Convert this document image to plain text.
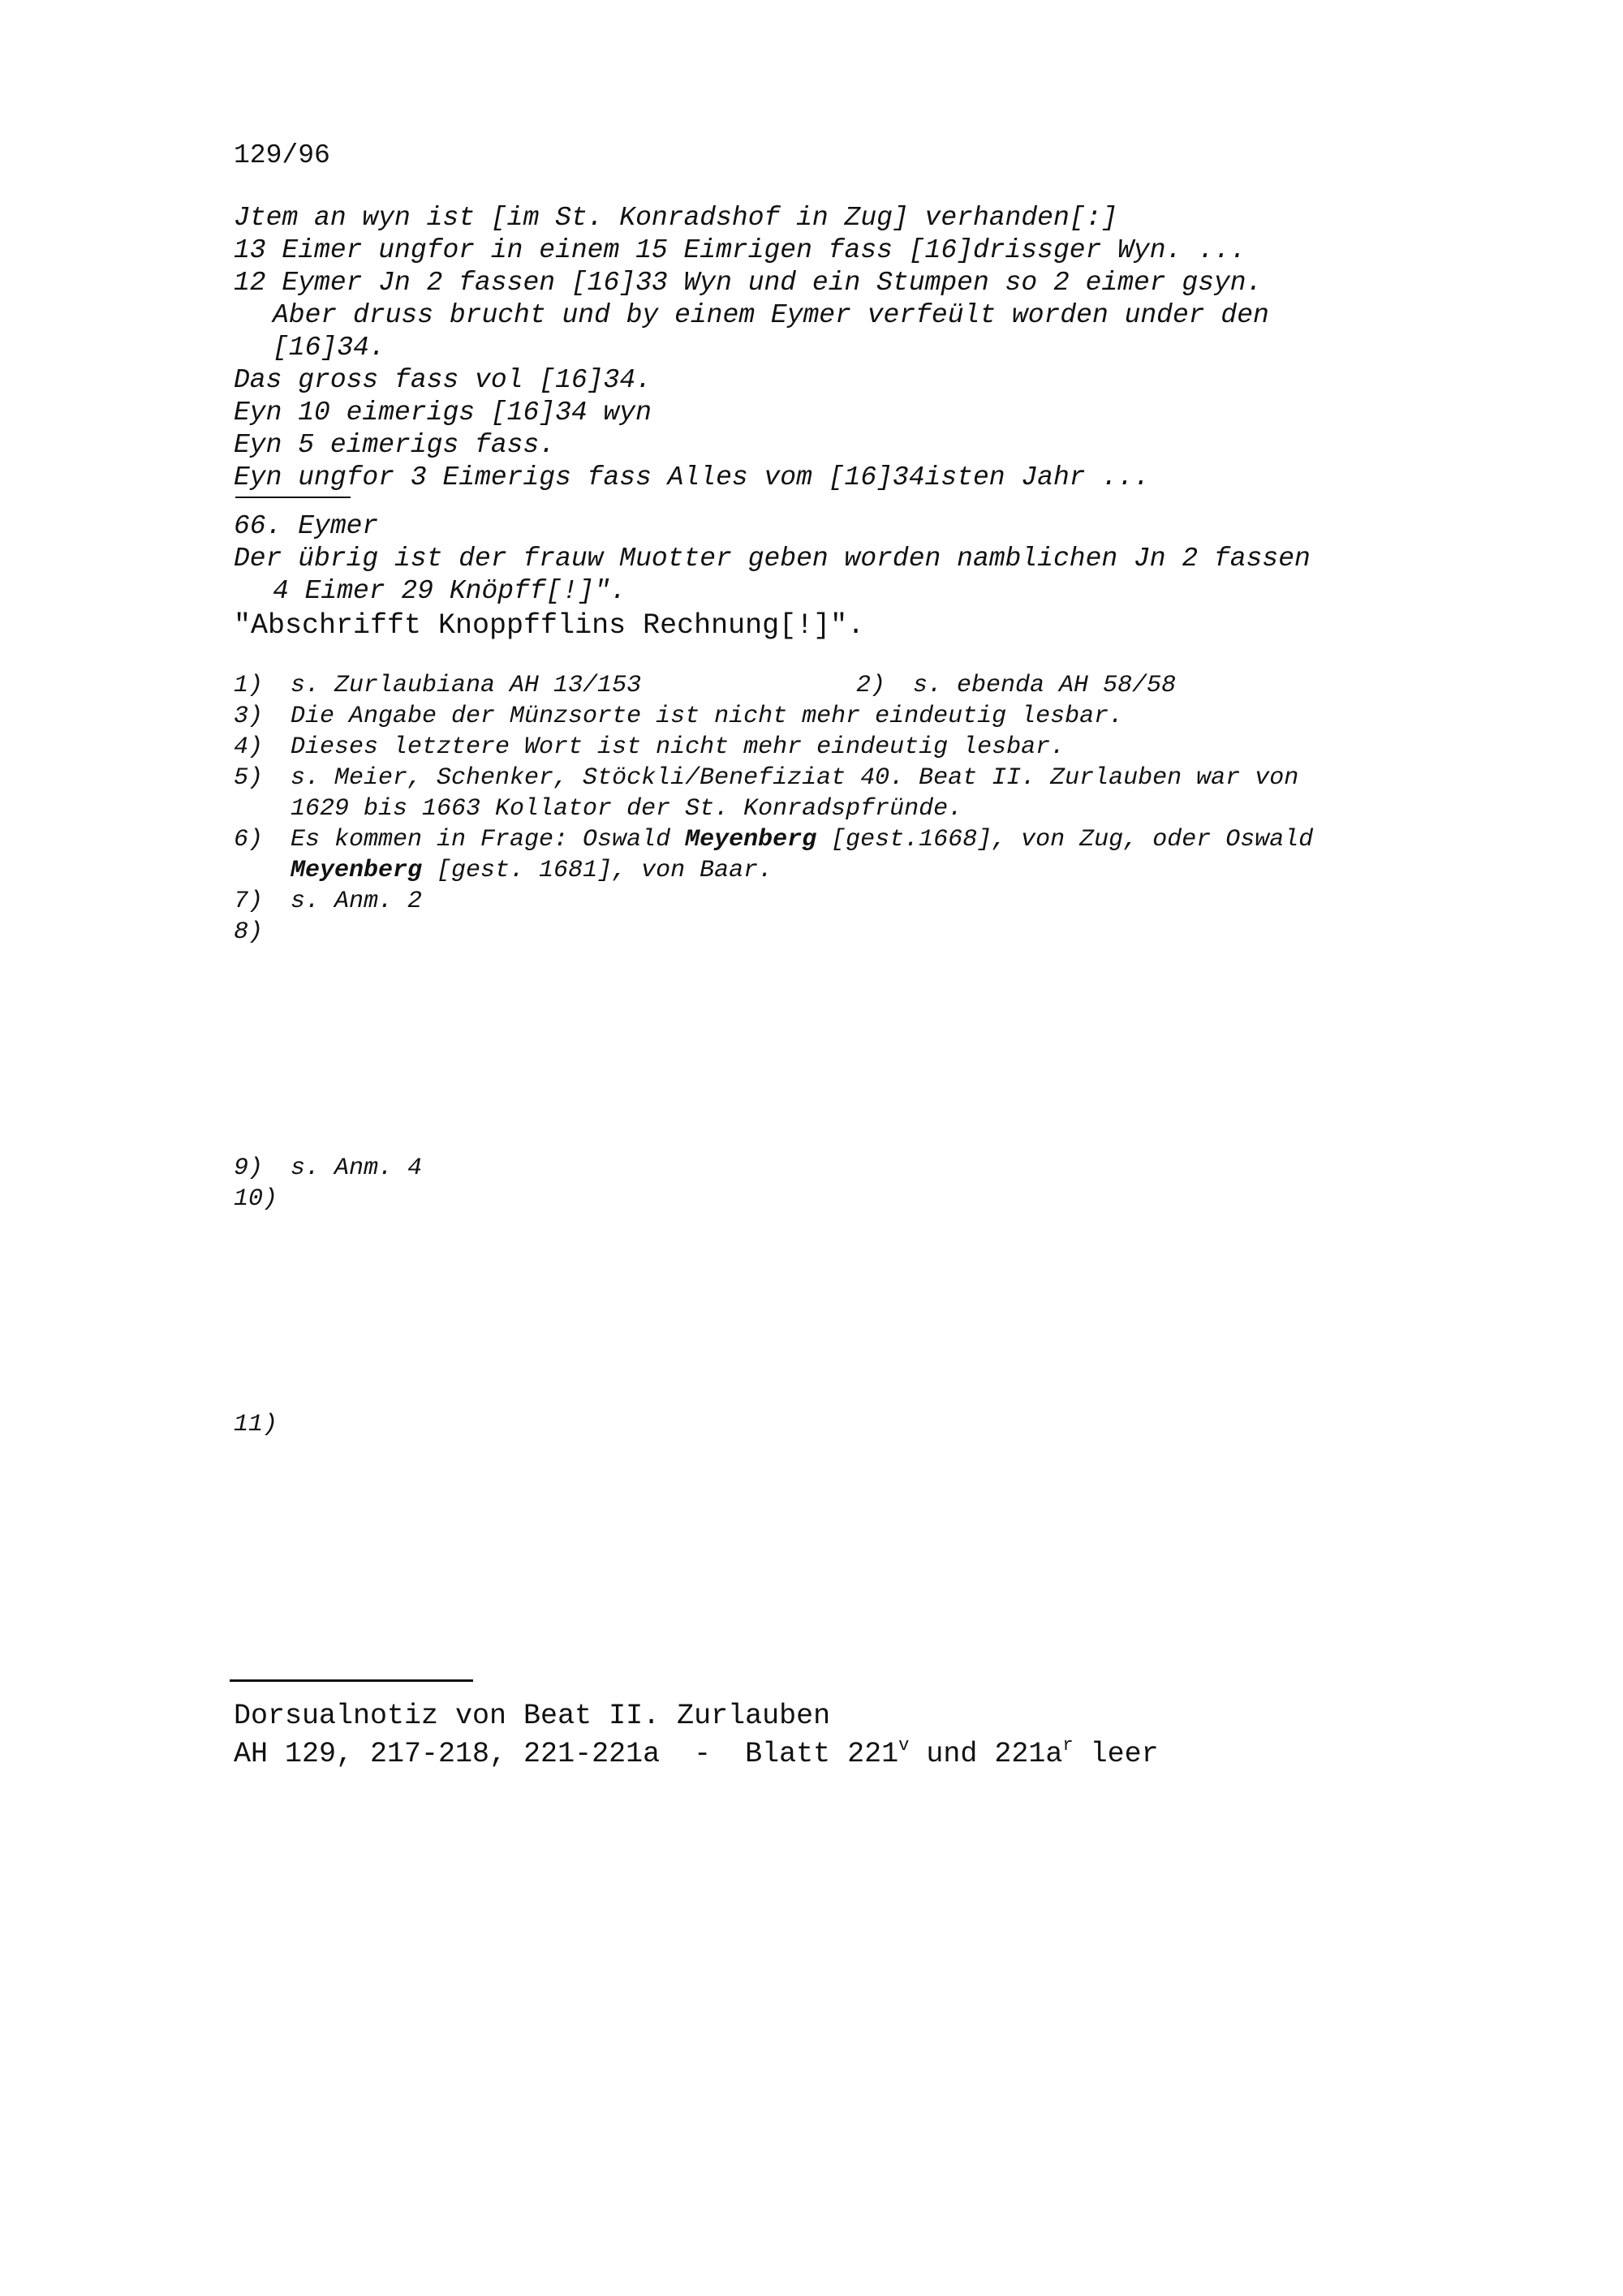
129/96
Jtem an wyn ist [im St. Konradshof in Zug] verhanden[:]
13 Eimer ungfor in einem 15 Eimrigen fass [16]drissger Wyn. ...
12 Eymer Jn 2 fassen [16]33 Wyn und ein Stumpen so 2 eimer gsyn.
Aber druss brucht und by einem Eymer verfeült worden under den
[16]34.
Das gross fass vol [16]34.
Eyn 10 eimerigs [16]34 wyn
Eyn 5 eimerigs fass.
Eyn ungfor 3 Eimerigs fass Alles vom [16]34isten Jahr ...
66. Eymer
Der übrig ist der frauw Muotter geben worden namblichen Jn 2 fassen
4 Eimer 29 Knöpff[!]".
"Abschrifft Knoppfflins Rechnung[!]".
1) s. Zurlaubiana AH 13/153	2) s. ebenda AH 58/58
3) Die Angabe der Münzsorte ist nicht mehr eindeutig lesbar.
4) Dieses letztere Wort ist nicht mehr eindeutig lesbar.
5) s. Meier, Schenker, Stöckli/Benefiziat 40. Beat II. Zurlauben war von
1629 bis 1663 Kollator der St. Konradspfründe.
6) Es kommen in Frage: Oswald Meyenberg [gest.1668], von Zug, oder Oswald
Meyenberg [gest. 1681], von Baar.
7) s. Anm. 2
8)
9) s. Anm. 4
10)
11)
Dorsualnotiz von Beat II. Zurlauben
AH 129, 217-218, 221-221a  -  Blatt 221$^v$ und $221a^r$ leer
